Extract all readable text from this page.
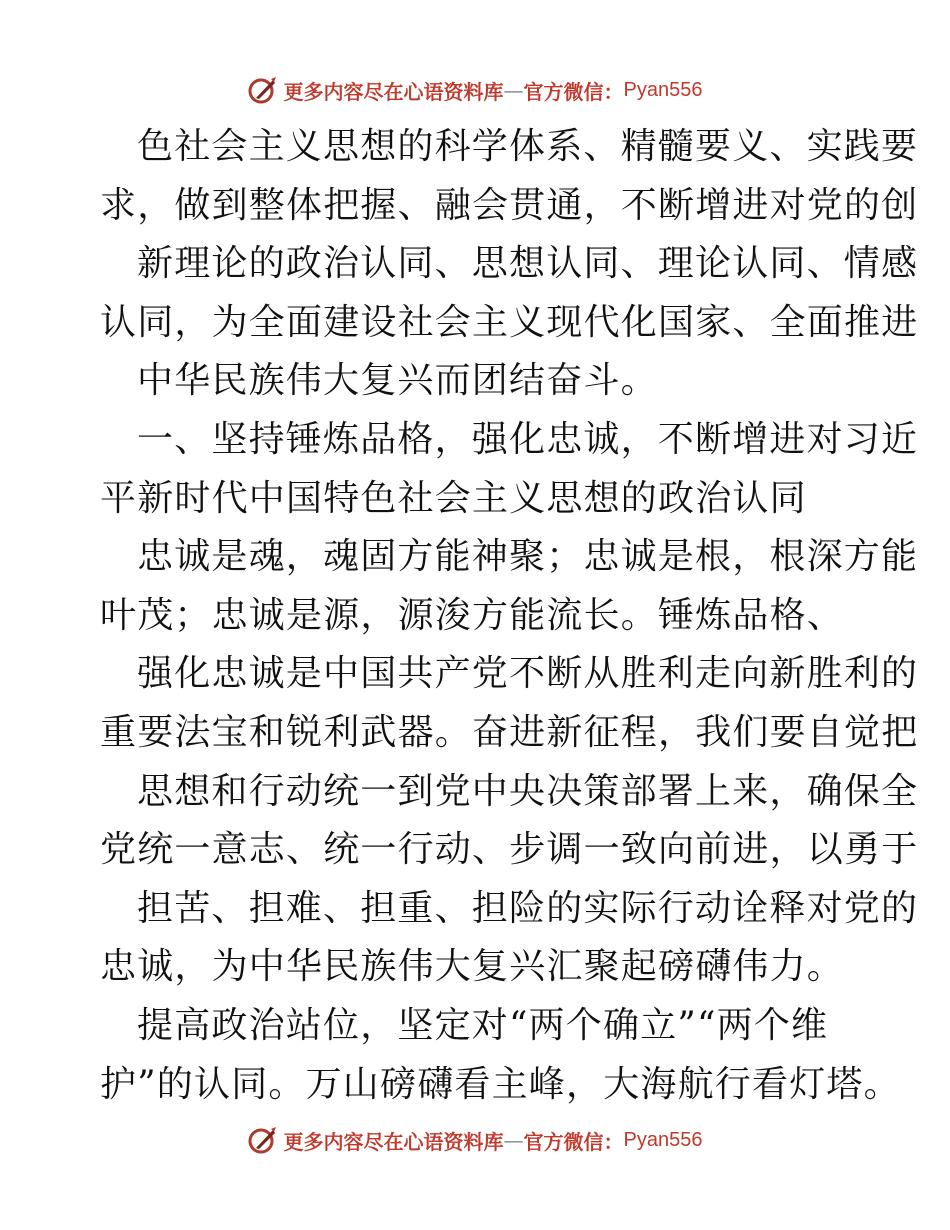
更多内容尽在心语资料库 — 官方微信： Pyan556
色社会主义思想的科学体系、精髓要义、实践要
求，做到整体把握、融会贯通，不断增进对党的创
新理论的政治认同、思想认同、理论认同、情感
认同，为全面建设社会主义现代化国家、全面推进
中华民族伟大复兴而团结奋斗。
一、坚持锤炼品格，强化忠诚，不断增进对习近
平新时代中国特色社会主义思想的政治认同
忠诚是魂，魂固方能神聚；忠诚是根，根深方能
叶茂；忠诚是源，源浚方能流长。锤炼品格、
强化忠诚是中国共产党不断从胜利走向新胜利的
重要法宝和锐利武器。奋进新征程，我们要自觉把
思想和行动统一到党中央决策部署上来，确保全
党统一意志、统一行动、步调一致向前进，以勇于
担苦、担难、担重、担险的实际行动诠释对党的
忠诚，为中华民族伟大复兴汇聚起磅礴伟力。
提高政治站位，坚定对“两个确立”“两个维
护”的认同。万山磅礴看主峰，大海航行看灯塔。
更多内容尽在心语资料库 — 官方微信： Pyan556
